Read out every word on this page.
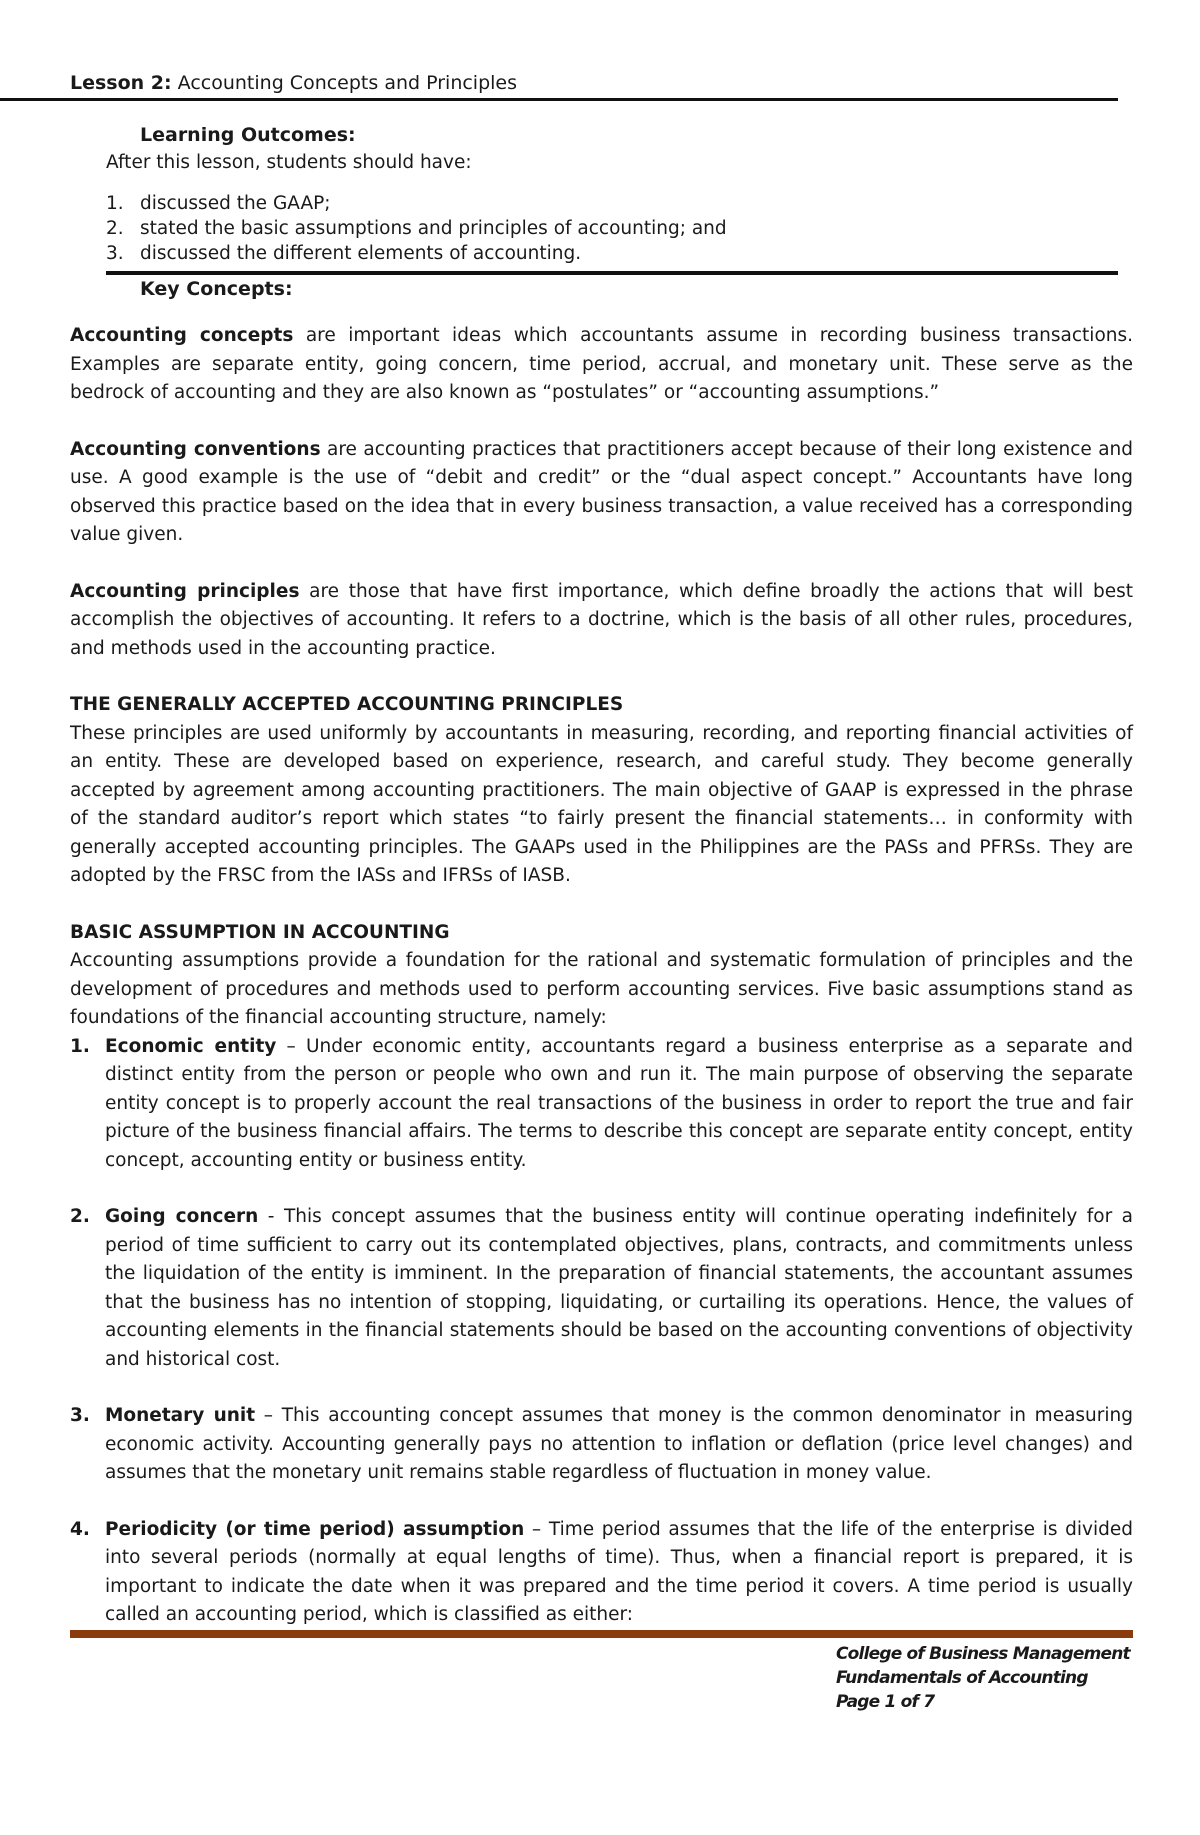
Lesson 2: Accounting Concepts and Principles
Learning Outcomes:
After this lesson, students should have:
1. discussed the GAAP;
2. stated the basic assumptions and principles of accounting; and
3. discussed the different elements of accounting.
Key Concepts:

Accounting concepts are important ideas which accountants assume in recording business transactions. Examples are separate entity, going concern, time period, accrual, and monetary unit. These serve as the bedrock of accounting and they are also known as “postulates” or “accounting assumptions.”

Accounting conventions are accounting practices that practitioners accept because of their long existence and use. A good example is the use of “debit and credit” or the “dual aspect concept.” Accountants have long observed this practice based on the idea that in every business transaction, a value received has a corresponding value given.

Accounting principles are those that have first importance, which define broadly the actions that will best accomplish the objectives of accounting. It refers to a doctrine, which is the basis of all other rules, procedures, and methods used in the accounting practice.

THE GENERALLY ACCEPTED ACCOUNTING PRINCIPLES

These principles are used uniformly by accountants in measuring, recording, and reporting financial activities of an entity. These are developed based on experience, research, and careful study. They become generally accepted by agreement among accounting practitioners. The main objective of GAAP is expressed in the phrase of the standard auditor’s report which states “to fairly present the financial statements… in conformity with generally accepted accounting principles. The GAAPs used in the Philippines are the PASs and PFRSs. They are adopted by the FRSC from the IASs and IFRSs of IASB.

BASIC ASSUMPTION IN ACCOUNTING

Accounting assumptions provide a foundation for the rational and systematic formulation of principles and the development of procedures and methods used to perform accounting services. Five basic assumptions stand as foundations of the financial accounting structure, namely:

1. Economic entity – Under economic entity, accountants regard a business enterprise as a separate and distinct entity from the person or people who own and run it. The main purpose of observing the separate entity concept is to properly account the real transactions of the business in order to report the true and fair picture of the business financial affairs. The terms to describe this concept are separate entity concept, entity concept, accounting entity or business entity.
2. Going concern - This concept assumes that the business entity will continue operating indefinitely for a period of time sufficient to carry out its contemplated objectives, plans, contracts, and commitments unless the liquidation of the entity is imminent. In the preparation of financial statements, the accountant assumes that the business has no intention of stopping, liquidating, or curtailing its operations. Hence, the values of accounting elements in the financial statements should be based on the accounting conventions of objectivity and historical cost.
3. Monetary unit – This accounting concept assumes that money is the common denominator in measuring economic activity. Accounting generally pays no attention to inflation or deflation (price level changes) and assumes that the monetary unit remains stable regardless of fluctuation in money value.
4. Periodicity (or time period) assumption – Time period assumes that the life of the enterprise is divided into several periods (normally at equal lengths of time). Thus, when a financial report is prepared, it is important to indicate the date when it was prepared and the time period it covers. A time period is usually called an accounting period, which is classified as either:
College of Business Management
Fundamentals of Accounting
Page 1 of 7
